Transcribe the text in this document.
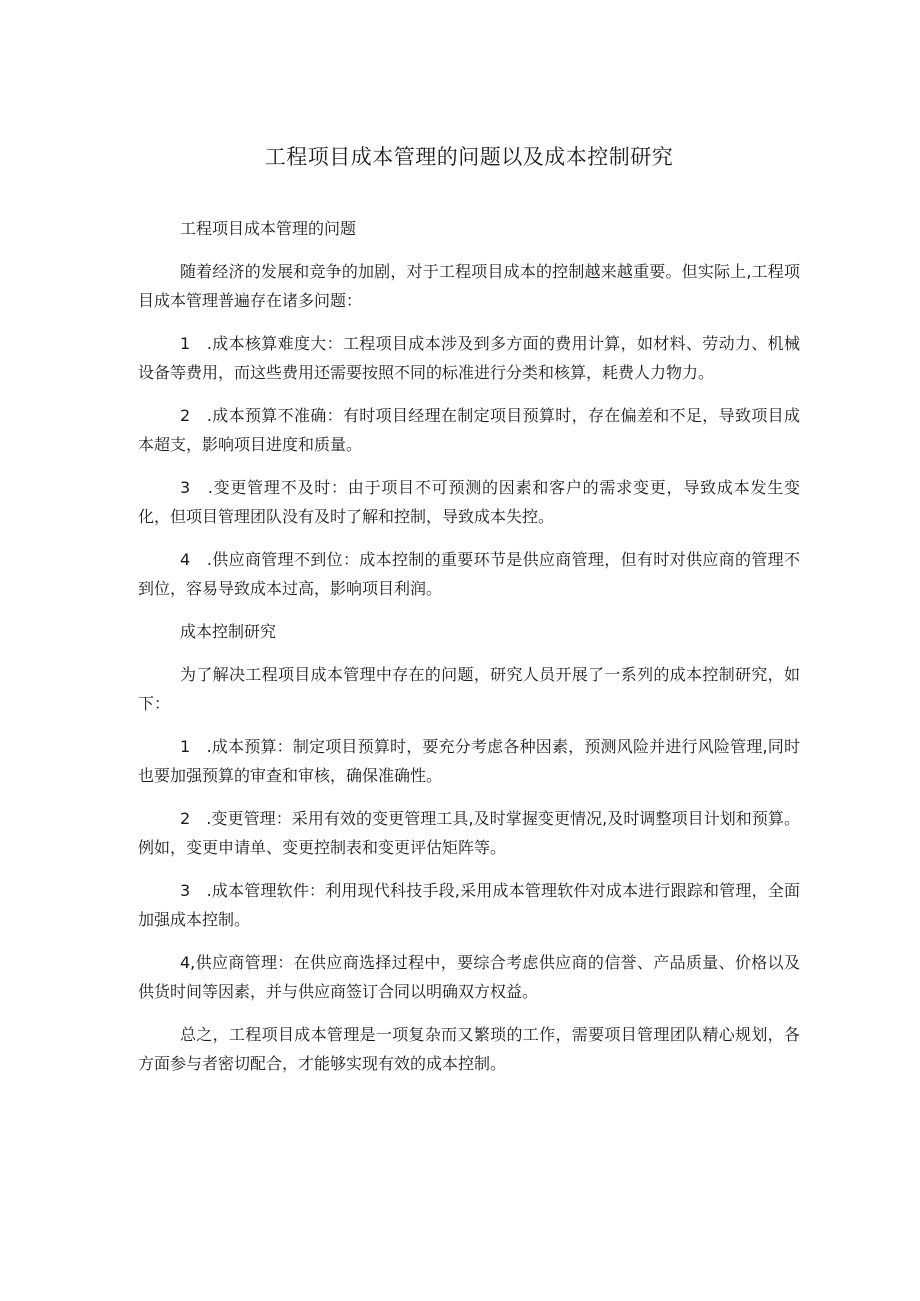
工程项目成本管理的问题以及成本控制研究

工程项目成本管理的问题

随着经济的发展和竞争的加剧，对于工程项目成本的控制越来越重要。但实际上,工程项目成本管理普遍存在诸多问题：

1　.成本核算难度大：工程项目成本涉及到多方面的费用计算，如材料、劳动力、机械设备等费用，而这些费用还需要按照不同的标准进行分类和核算，耗费人力物力。

2　.成本预算不准确：有时项目经理在制定项目预算时，存在偏差和不足，导致项目成本超支，影响项目进度和质量。

3　.变更管理不及时：由于项目不可预测的因素和客户的需求变更，导致成本发生变化，但项目管理团队没有及时了解和控制，导致成本失控。

4　.供应商管理不到位：成本控制的重要环节是供应商管理，但有时对供应商的管理不到位，容易导致成本过高，影响项目利润。

成本控制研究

为了解决工程项目成本管理中存在的问题，研究人员开展了一系列的成本控制研究，如下：

1　.成本预算：制定项目预算时，要充分考虑各种因素，预测风险并进行风险管理,同时也要加强预算的审查和审核，确保准确性。

2　.变更管理：采用有效的变更管理工具,及时掌握变更情况,及时调整项目计划和预算。例如，变更申请单、变更控制表和变更评估矩阵等。

3　.成本管理软件：利用现代科技手段,采用成本管理软件对成本进行跟踪和管理，全面加强成本控制。

4,供应商管理：在供应商选择过程中，要综合考虑供应商的信誉、产品质量、价格以及供货时间等因素，并与供应商签订合同以明确双方权益。

总之，工程项目成本管理是一项复杂而又繁琐的工作，需要项目管理团队精心规划，各方面参与者密切配合，才能够实现有效的成本控制。
